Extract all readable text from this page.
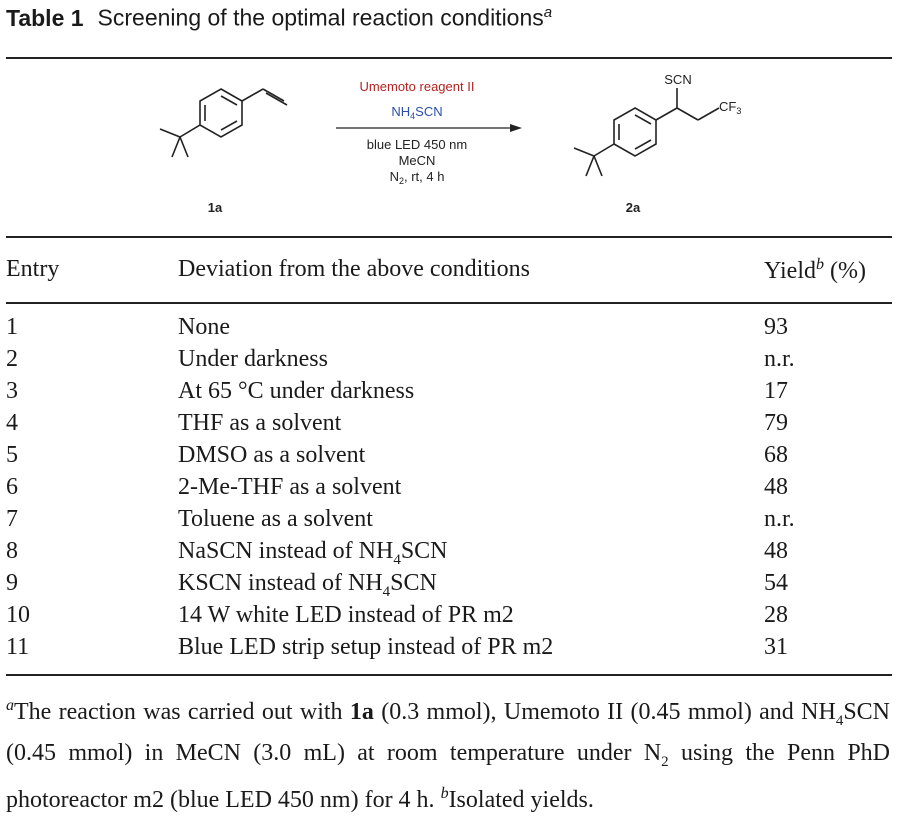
Table 1 Screening of the optimal reaction conditions$^a$
1a
Umemoto reagent II
$NH_4SCN$
blue LED 450 nm
MeCN
$N_2$, rt, 4 h
SCN
$CF_3$
2a
Entry	Deviation from the above conditions	Yield$^b$ (%)
1	None	93
2	Under darkness	n.r.
3	At 65 °C under darkness	17
4	THF as a solvent	79
5	DMSO as a solvent	68
6	2-Me-THF as a solvent	48
7	Toluene as a solvent	n.r.
8	NaSCN instead of $NH_4SCN$	48
9	KSCN instead of $NH_4SCN$	54
10	14 W white LED instead of PR m2	28
11	Blue LED strip setup instead of PR m2	31
$^a$The reaction was carried out with 1a (0.3 mmol), Umemoto II (0.45 mmol) and $NH_4SCN$ (0.45 mmol) in MeCN (3.0 mL) at room temperature under $N_2$ using the Penn PhD photoreactor m2 (blue LED 450 nm) for 4 h. $^b$Isolated yields.
